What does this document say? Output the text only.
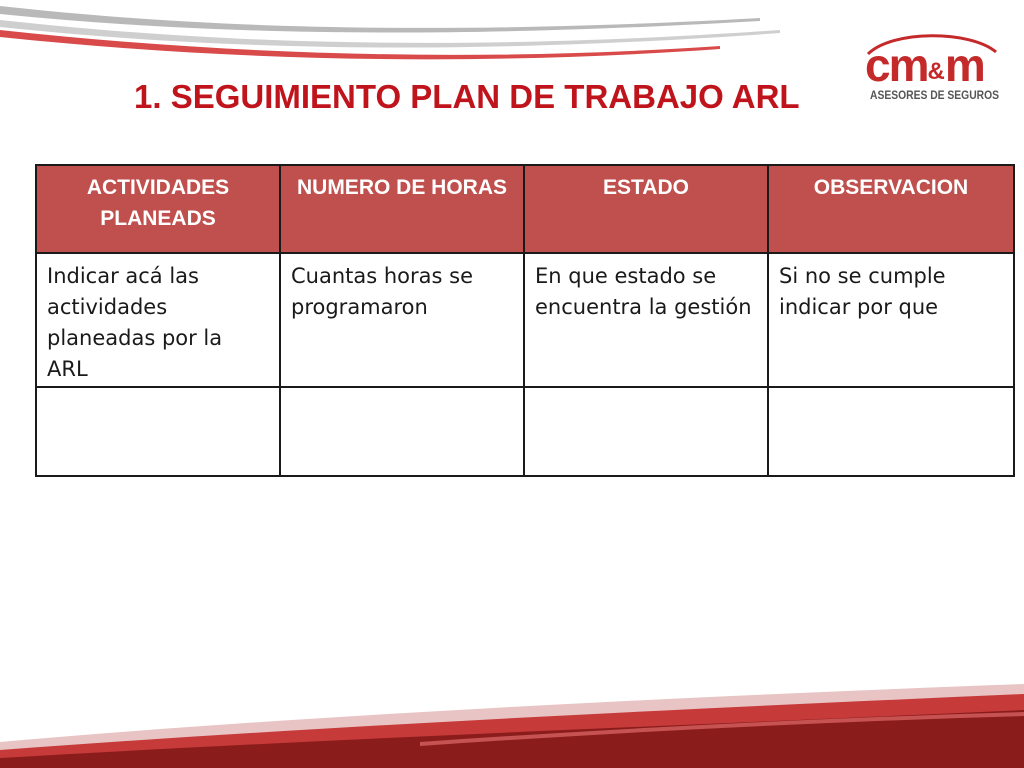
1. SEGUIMIENTO PLAN DE TRABAJO ARL
cm&m
ASESORES DE SEGUROS
ACTIVIDADES PLANEADS	NUMERO DE HORAS	ESTADO	OBSERVACION
Indicar acá las actividades planeadas por la ARL	Cuantas horas se programaron	En que estado se encuentra la gestión	Si no se cumple indicar por que
